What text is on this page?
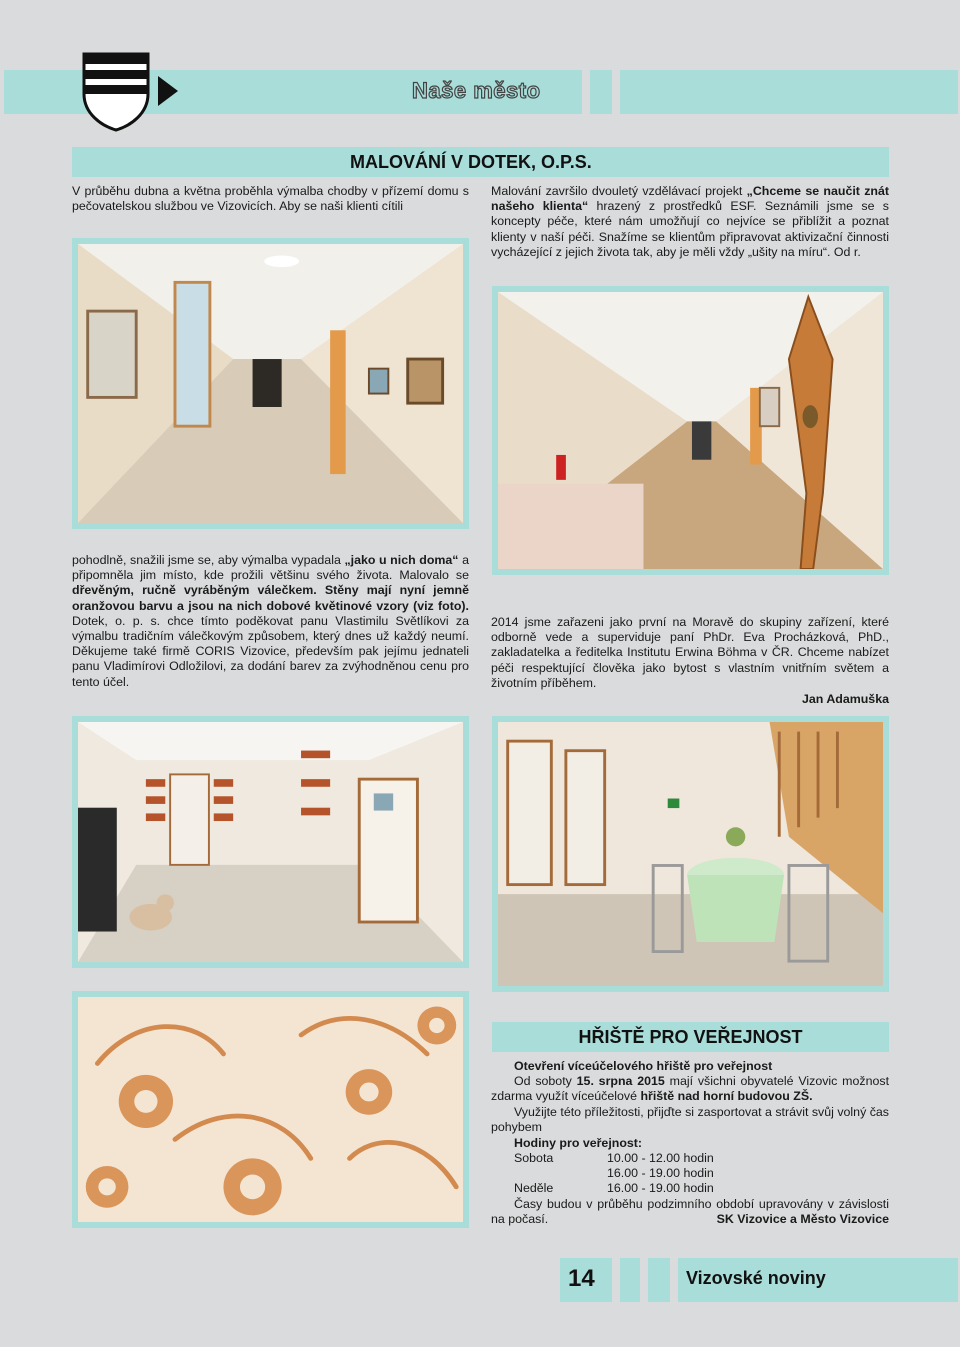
Naše město
MALOVÁNÍ V DOTEK, O.P.S.
V průběhu dubna a května proběhla výmalba chodby v přízemí domu s pečovatelskou službou ve Vizovicích. Aby se naši klienti cítili
Malování završilo dvouletý vzdělávací projekt „Chceme se naučit znát našeho klienta“ hrazený z prostředků ESF. Seznámili jsme se s koncepty péče, které nám umožňují co nejvíce se přiblížit a poznat klienty v naší péči. Snažíme se klientům připravovat aktivizační činnosti vycházející z jejich života tak, aby je měli vždy „ušity na míru“. Od r.
pohodlně, snažili jsme se, aby výmalba vypadala „jako u nich doma“ a připomněla jim místo, kde prožili většinu svého života. Malovalo se dřevěným, ručně vyráběným válečkem. Stěny mají nyní jemně oranžovou barvu a jsou na nich dobové květinové vzory (viz foto). Dotek, o. p. s. chce tímto poděkovat panu Vlastimilu Světlíkovi za výmalbu tradičním válečkovým způsobem, který dnes už každý neumí. Děkujeme také firmě CORIS Vizovice, především pak jejímu jednateli panu Vladimírovi Odložilovi, za dodání barev za zvýhodněnou cenu pro tento účel.
2014 jsme zařazeni jako první na Moravě do skupiny zařízení, které odborně vede a superviduje paní PhDr. Eva Procházková, PhD., zakladatelka a ředitelka Institutu Erwina Böhma v ČR. Chceme nabízet péči respektující člověka jako bytost s vlastním vnitřním světem a životním příběhem.
Jan Adamuška
HŘIŠTĚ PRO VEŘEJNOST
Otevření víceúčelového hřiště pro veřejnost
Od soboty 15. srpna 2015 mají všichni obyvatelé Vizovic možnost zdarma využít víceúčelové hřiště nad horní budovou ZŠ.
Využijte této příležitosti, přijďte si zasportovat a strávit svůj volný čas pohybem
Hodiny pro veřejnost:
Sobota	10.00 - 12.00 hodin
16.00 - 19.00 hodin
Neděle	16.00 - 19.00 hodin
Časy budou v průběhu podzimního období upravovány v závislosti na počasí.	SK Vizovice a Město Vizovice
14	Vizovské noviny
